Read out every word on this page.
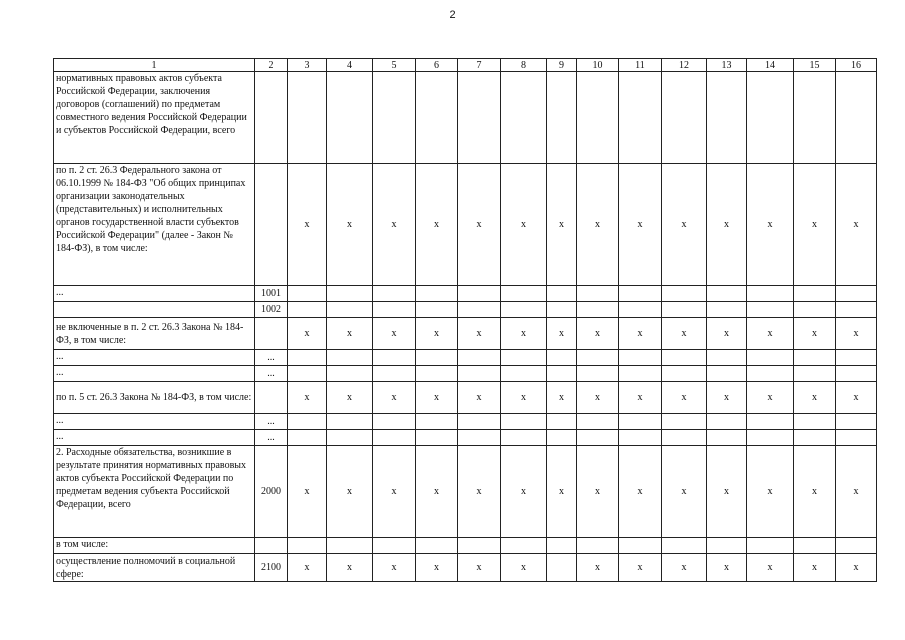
2
1	2	3	4	5	6	7	8	9	10	11	12	13	14	15	16
нормативных правовых актов субъекта Российской Федерации, заключения договоров (соглашений) по предметам совместного ведения Российской Федерации и субъектов Российской Федерации, всего															
по п. 2 ст. 26.3 Федерального закона от 06.10.1999 № 184-ФЗ "Об общих принципах организации законодательных (представительных) и исполнительных органов государственной власти субъектов Российской Федерации" (далее - Закон № 184-ФЗ), в том числе:		x	x	x	x	x	x	x	x	x	x	x	x	x	x
...	1001														
	1002														
не включенные в п. 2 ст. 26.3 Закона № 184-ФЗ, в том числе:		x	x	x	x	x	x	x	x	x	x	x	x	x	x
...	...														
...	...														
по п. 5 ст. 26.3 Закона № 184-ФЗ, в том числе:		x	x	x	x	x	x	x	x	x	x	x	x	x	x
...	...														
...	...														
2. Расходные обязательства, возникшие в результате принятия нормативных правовых актов субъекта Российской Федерации по предметам ведения субъекта Российской Федерации, всего	2000	x	x	x	x	x	x	x	x	x	x	x	x	x	x
в том числе:															
осуществление полномочий в социальной сфере:	2100	x	x	x	x	x	x		x	x	x	x	x	x	x
